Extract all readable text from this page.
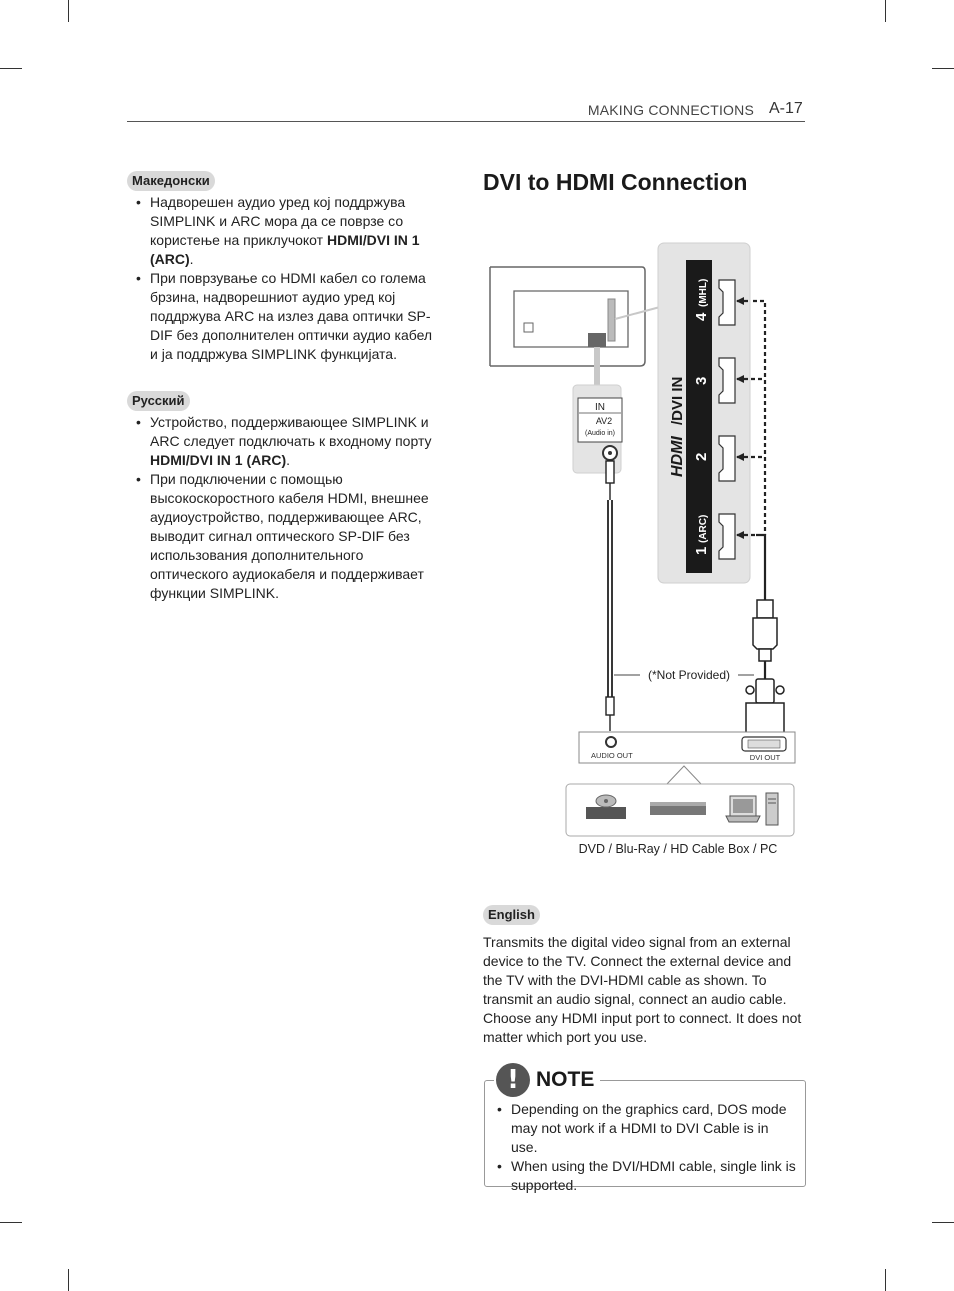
MAKING CONNECTIONS A-17
Македонски
• Надворешен аудио уред кој поддржува SIMPLINK и ARC мора да се поврзе со користење на приклучокот HDMI/DVI IN 1 (ARC).
• При поврзување со HDMI кабел со голема брзина, надворешниот аудио уред кој поддржува ARC на излез дава оптички SP-DIF без дополнителен оптички аудио кабел и ја поддржува SIMPLINK функцијата.
Русский
• Устройство, поддерживающее SIMPLINK и ARC следует подключать к входному порту HDMI/DVI IN 1 (ARC).
• При подключении с помощью высокоскоростного кабеля HDMI, внешнее аудиоустройство, поддерживающее ARC, выводит сигнал оптического SP-DIF без использования дополнительного оптического аудиокабеля и поддерживает функции SIMPLINK.
DVI to HDMI Connection
IN
AV2
(Audio in)
HDMI
/DVI IN
4
(MHL)
3
2
1
(ARC)
(*Not Provided)
AUDIO OUT	DVI OUT
DVD / Blu-Ray / HD Cable Box / PC
English
Transmits the digital video signal from an external device to the TV. Connect the external device and the TV with the DVI-HDMI cable as shown. To transmit an audio signal, connect an audio cable. Choose any HDMI input port to connect. It does not matter which port you use.
! NOTE
• Depending on the graphics card, DOS mode may not work if a HDMI to DVI Cable is in use.
• When using the DVI/HDMI cable, single link is supported.
